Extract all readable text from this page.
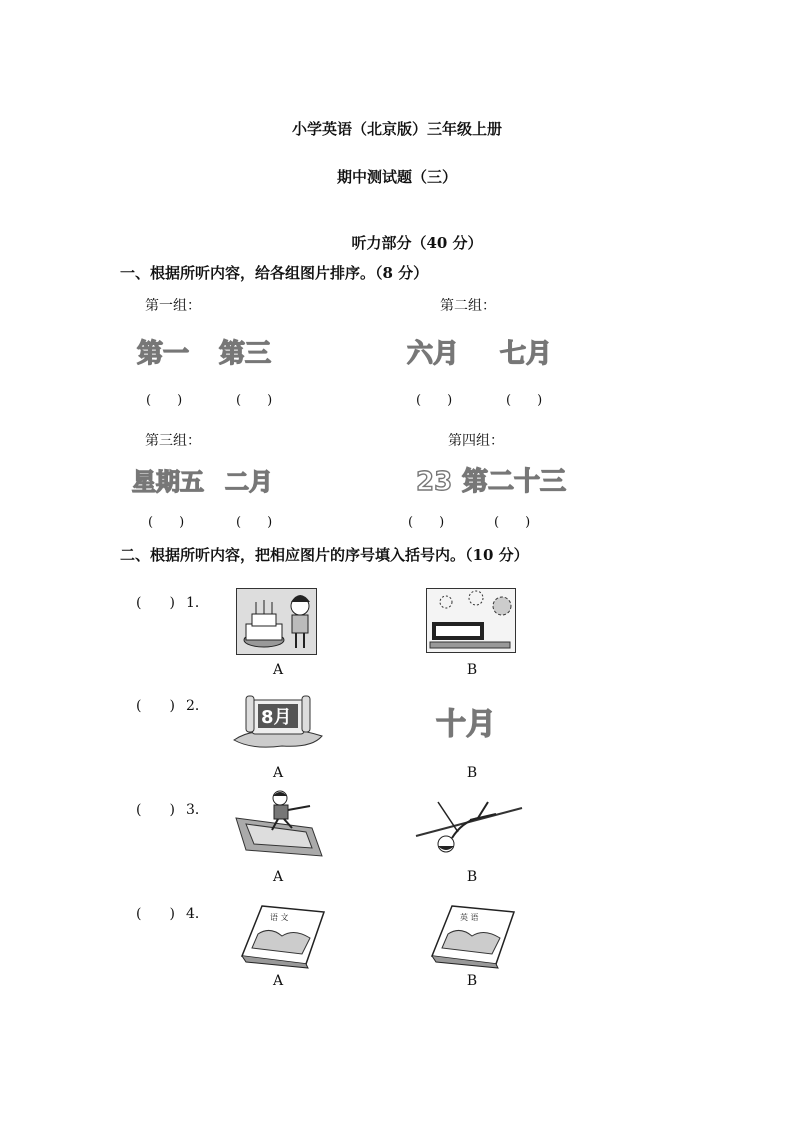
小学英语（北京版）三年级上册
期中测试题（三）
听力部分（40 分）
一、根据所听内容，给各组图片排序。（8 分）
第一组：	第二组：
第一 第三	六月 七月
(　　)	(　　)	(　　)	(　　)
第三组：	第四组：
星期五 二月	23 第二十三
(　　)	(　　)	(　　)	(　　)
二、根据所听内容，把相应图片的序号填入括号内。（10 分）
(　　) 1．
A	B
(　　) 2．
8月	十月
A	B
(　　) 3．
A	B
(　　) 4．	语 文	英 语
A	B
